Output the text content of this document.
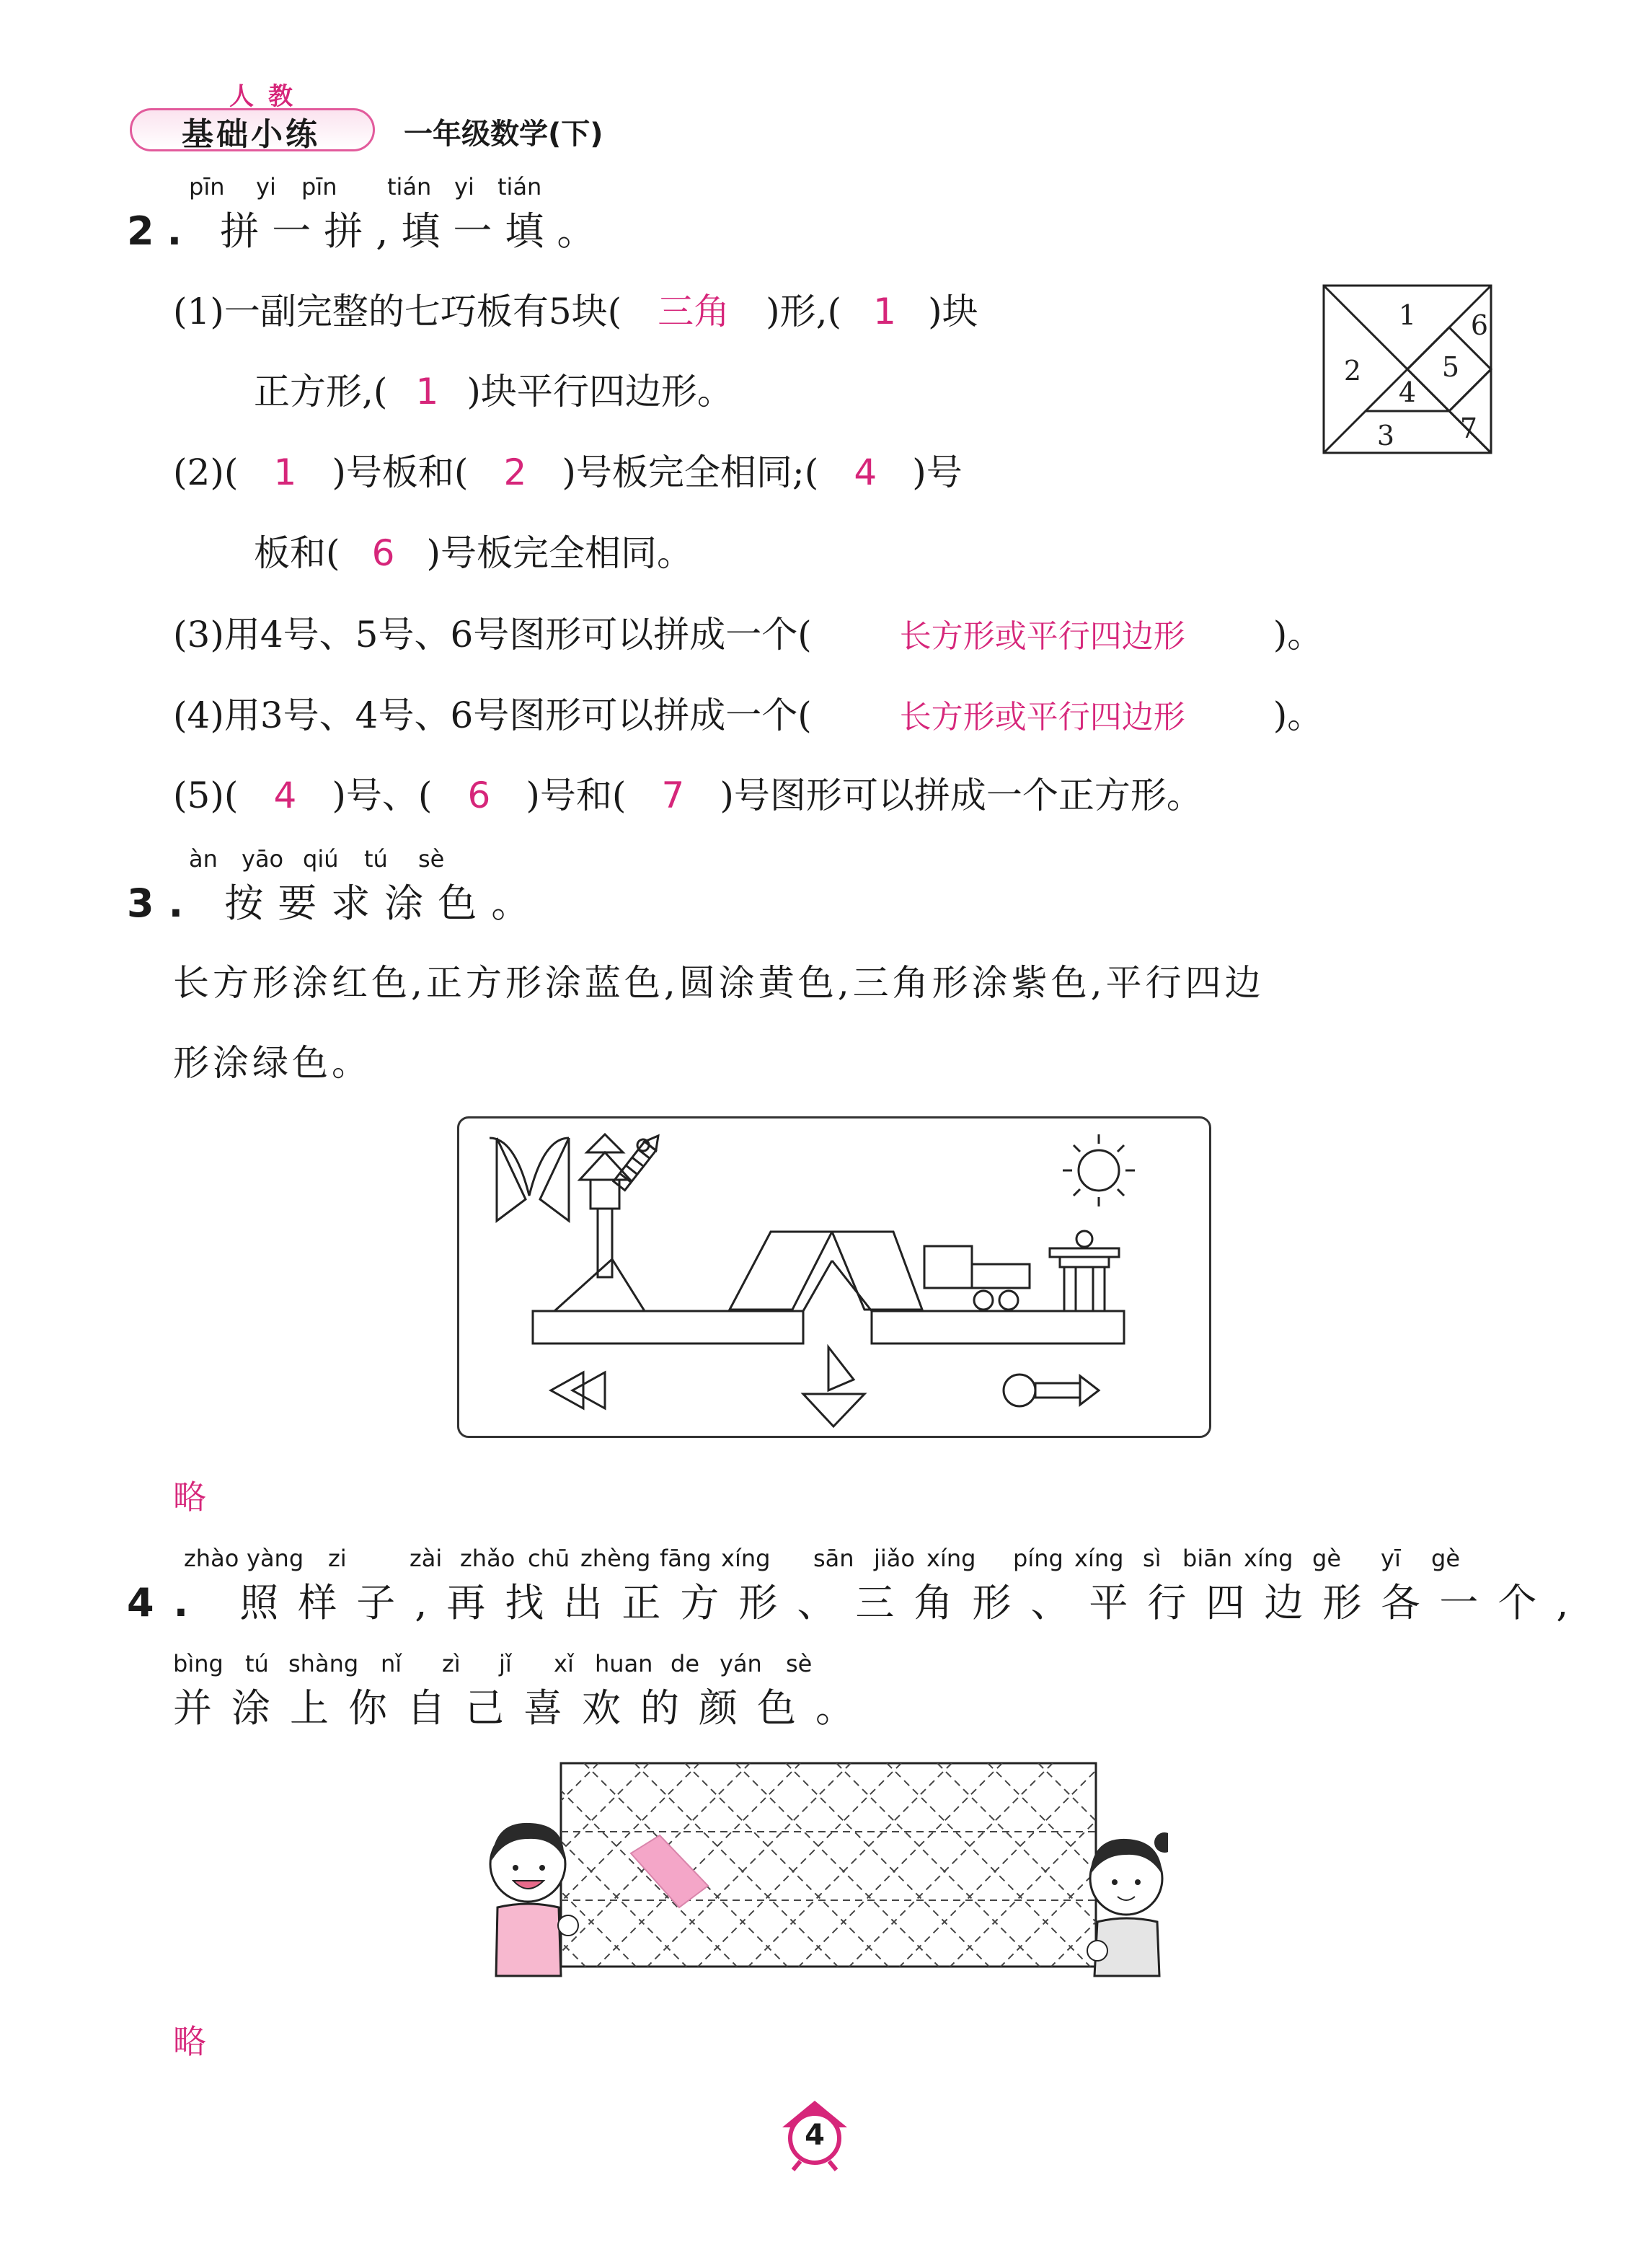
人教
基础小练	一年级数学(下)
pīn yi pīn tián yi tián
2. 拼一拼,填一填。
(1)一副完整的七巧板有5块( 三角 )形,( 1 )块
正方形,( 1 )块平行四边形。
(2)( 1 )号板和( 2 )号板完全相同;( 4 )号
板和( 6 )号板完全相同。
(3)用4号、5号、6号图形可以拼成一个(	长方形或平行四边形 )。
(4)用3号、4号、6号图形可以拼成一个(	长方形或平行四边形 )。
(5)( 4 )号、( 6 )号和( 7 )号图形可以拼成一个正方形。
1
2
3
4
5
6
7
àn yāo qiú tú sè
3. 按要求涂色。
长方形涂红色,正方形涂蓝色,圆涂黄色,三角形涂紫色,平行四边
形涂绿色。
略
zhào yàng zi	zài zhǎo chū zhèng fāng xíng sān jiǎo xíng píng xíng sì biān xíng gè yī gè
4. 照样子,再找出正方形、三角形、平行四边形各一个,
bìng tú shàng nǐ zì jǐ xǐ huan de yán sè
并涂上你自己喜欢的颜色。
略
4
